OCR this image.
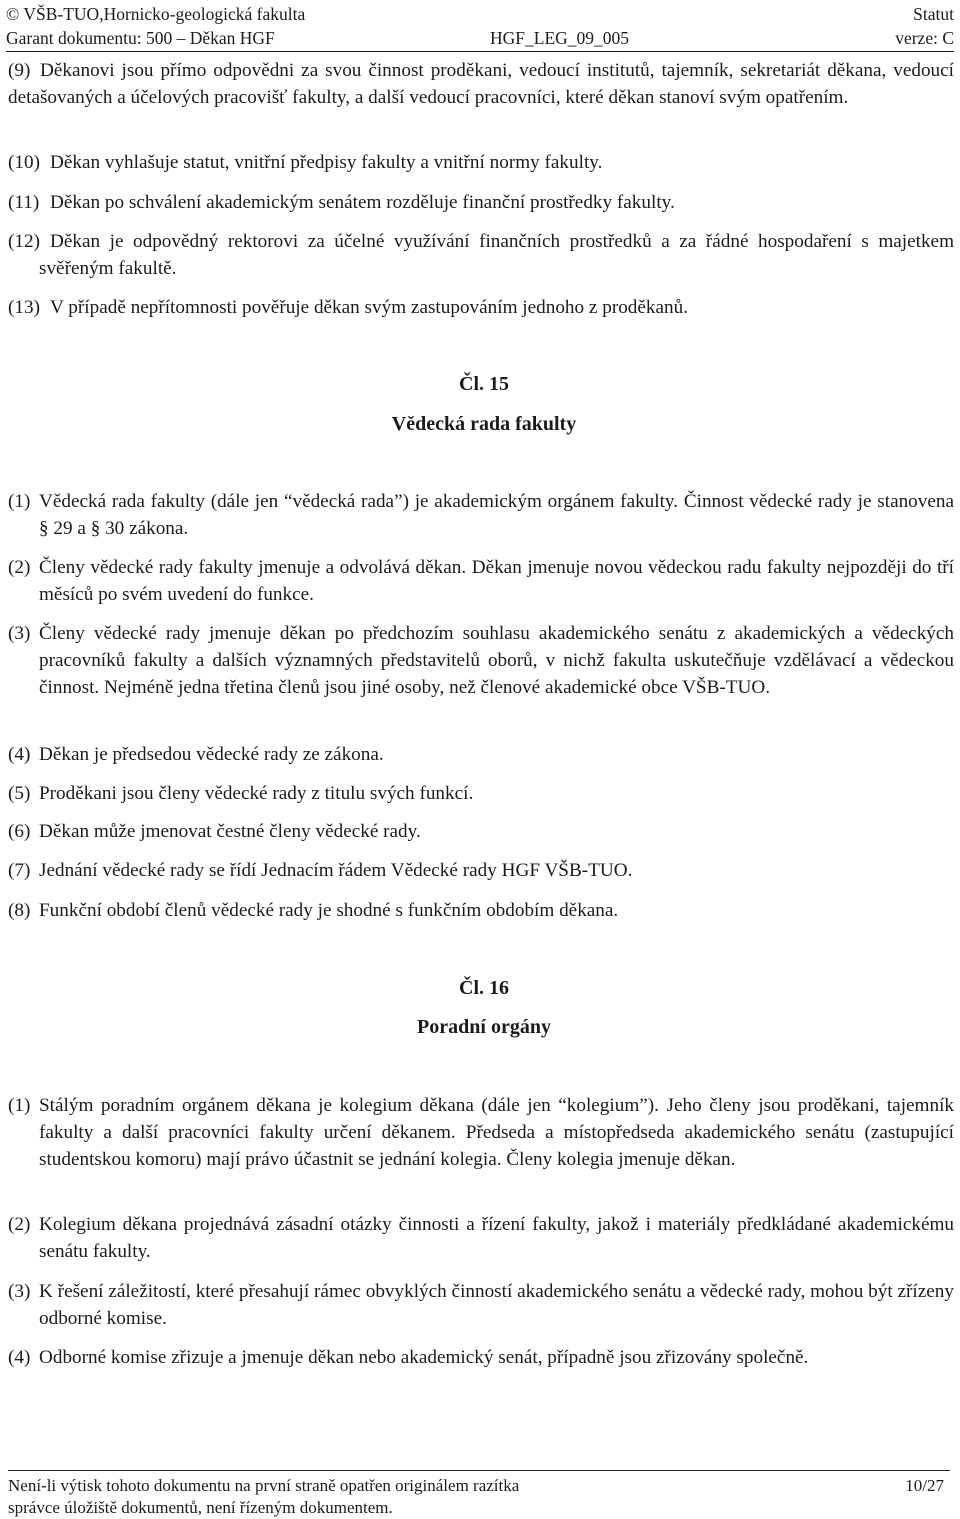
© VŠB-TUO,Hornicko-geologická fakulta	Statut
Garant dokumentu: 500 – Děkan HGF	HGF_LEG_09_005	verze: C
(9) Děkanovi jsou přímo odpovědni za svou činnost proděkani, vedoucí institutů, tajemník, sekretariát děkana, vedoucí detašovaných a účelových pracovišť fakulty, a další vedoucí pracovníci, které děkan stanoví svým opatřením.
(10) Děkan vyhlašuje statut, vnitřní předpisy fakulty a vnitřní normy fakulty.
(11) Děkan po schválení akademickým senátem rozděluje finanční prostředky fakulty.
(12) Děkan je odpovědný rektorovi za účelné využívání finančních prostředků a za řádné hospodaření s majetkem svěřeným fakultě.
(13) V případě nepřítomnosti pověřuje děkan svým zastupováním jednoho z proděkanů.
Čl. 15
Vědecká rada fakulty
(1) Vědecká rada fakulty (dále jen “vědecká rada”) je akademickým orgánem fakulty. Činnost vědecké rady je stanovena § 29 a § 30 zákona.
(2) Členy vědecké rady fakulty jmenuje a odvolává děkan. Děkan jmenuje novou vědeckou radu fakulty nejpozději do tří měsíců po svém uvedení do funkce.
(3) Členy vědecké rady jmenuje děkan po předchozím souhlasu akademického senátu z akademických a vědeckých pracovníků fakulty a dalších významných představitelů oborů, v nichž fakulta uskutečňuje vzdělávací a vědeckou činnost. Nejméně jedna třetina členů jsou jiné osoby, než členové akademické obce VŠB-TUO.
(4) Děkan je předsedou vědecké rady ze zákona.
(5) Proděkani jsou členy vědecké rady z titulu svých funkcí.
(6) Děkan může jmenovat čestné členy vědecké rady.
(7) Jednání vědecké rady se řídí Jednacím řádem Vědecké rady HGF VŠB-TUO.
(8) Funkční období členů vědecké rady je shodné s funkčním obdobím děkana.
Čl. 16
Poradní orgány
(1) Stálým poradním orgánem děkana je kolegium děkana (dále jen “kolegium”). Jeho členy jsou proděkani, tajemník fakulty a další pracovníci fakulty určení děkanem. Předseda a místopředseda akademického senátu (zastupující studentskou komoru) mají právo účastnit se jednání kolegia. Členy kolegia jmenuje děkan.
(2) Kolegium děkana projednává zásadní otázky činnosti a řízení fakulty, jakož i materiály předkládané akademickému senátu fakulty.
(3) K řešení záležitostí, které přesahují rámec obvyklých činností akademického senátu a vědecké rady, mohou být zřízeny odborné komise.
(4) Odborné komise zřizuje a jmenuje děkan nebo akademický senát, případně jsou zřizovány společně.
Není-li výtisk tohoto dokumentu na první straně opatřen originálem razítka	10/27
správce úložiště dokumentů, není řízeným dokumentem.
